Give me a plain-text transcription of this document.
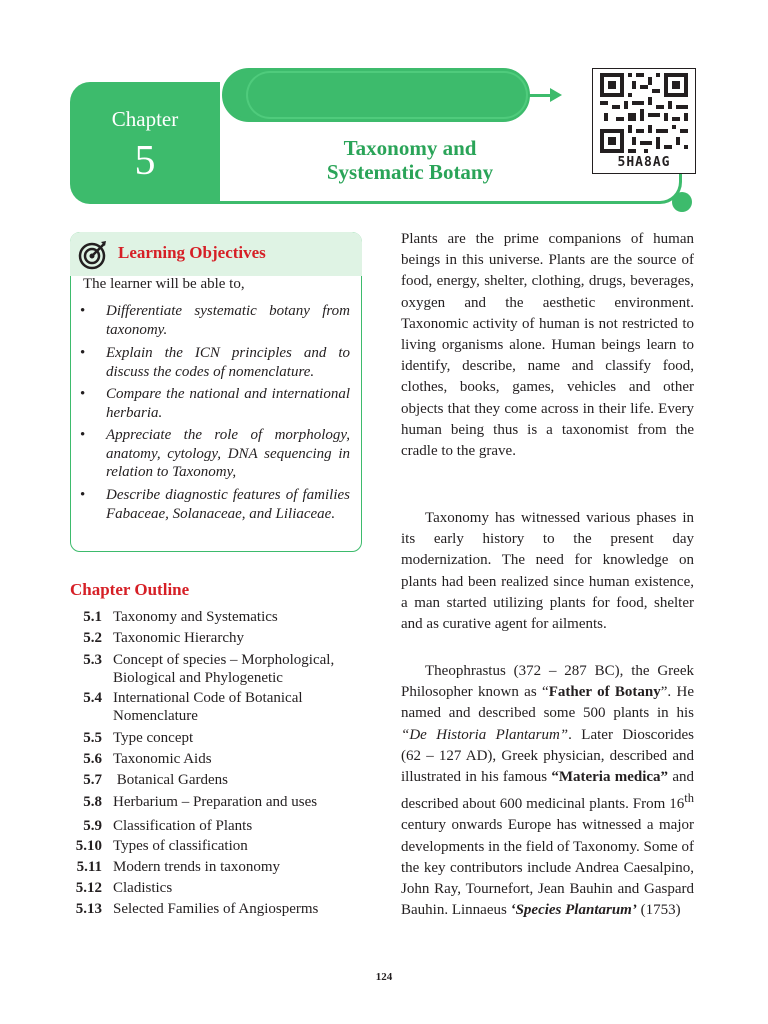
Chapter
5	Taxonomy and
Systematic Botany	5HA8AG
Learning Objectives
The learner will be able to,
• Differentiate systematic botany from taxonomy.
• Explain the ICN principles and to discuss the codes of nomenclature.
• Compare the national and international herbaria.
• Appreciate the role of morphology, anatomy, cytology, DNA sequencing in relation to Taxonomy,
• Describe diagnostic features of families Fabaceae, Solanaceae, and Liliaceae.
Chapter Outline
5.1 Taxonomy and Systematics
5.2 Taxonomic Hierarchy
5.3 Concept of species – Morphological, Biological and Phylogenetic
5.4 International Code of Botanical Nomenclature
5.5 Type concept
5.6 Taxonomic Aids
5.7 Botanical Gardens
5.8 Herbarium – Preparation and uses
5.9 Classification of Plants
5.10 Types of classification
5.11 Modern trends in taxonomy
5.12 Cladistics
5.13 Selected Families of Angiosperms

Plants are the prime companions of human beings in this universe. Plants are the source of food, energy, shelter, clothing, drugs, beverages, oxygen and the aesthetic environment. Taxonomic activity of human is not restricted to living organisms alone. Human beings learn to identify, describe, name and classify food, clothes, books, games, vehicles and other objects that they come across in their life. Every human being thus is a taxonomist from the cradle to the grave.

Taxonomy has witnessed various phases in its early history to the present day modernization. The need for knowledge on plants had been realized since human existence, a man started utilizing plants for food, shelter and as curative agent for ailments.

Theophrastus (372 – 287 BC), the Greek Philosopher known as “Father of Botany”. He named and described some 500 plants in his “De Historia Plantarum”. Later Dioscorides (62 – 127 AD), Greek physician, described and illustrated in his famous “Materia medica” and described about 600 medicinal plants. From 16th century onwards Europe has witnessed a major developments in the field of Taxonomy. Some of the key contributors include Andrea Caesalpino, John Ray, Tournefort, Jean Bauhin and Gaspard Bauhin. Linnaeus ‘Species Plantarum’ (1753)

124
